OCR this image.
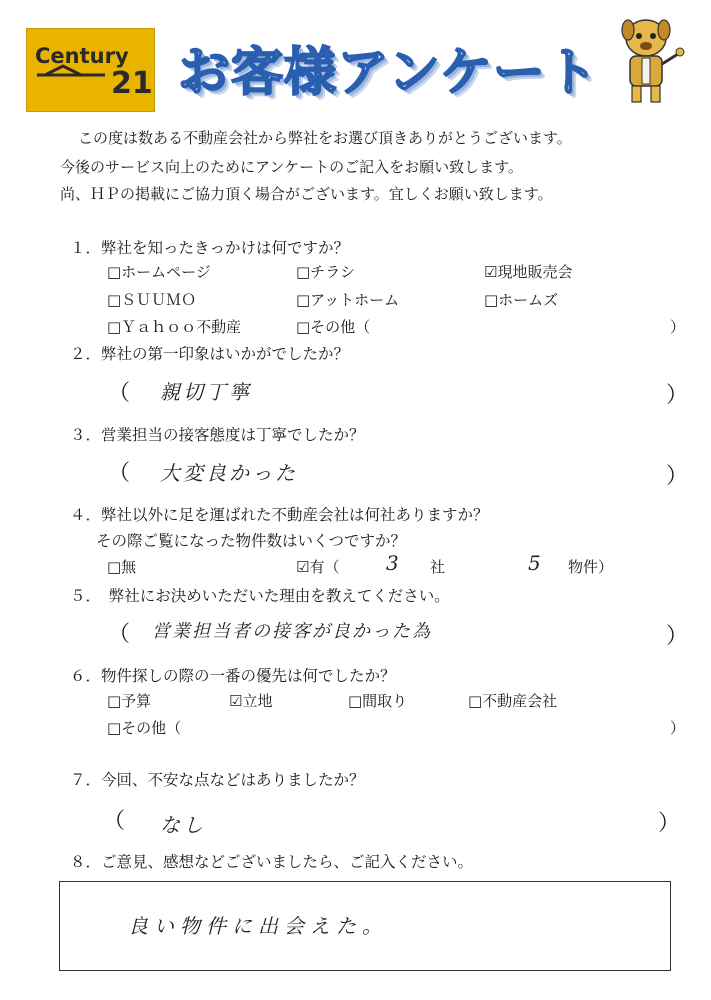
Century
21 お客様アンケート
この度は数ある不動産会社から弊社をお選び頂きありがとうございます。
今後のサービス向上のためにアンケートのご記入をお願い致します。
尚、ＨＰの掲載にご協力頂く場合がございます。宜しくお願い致します。
１．弊社を知ったきっかけは何ですか？
□ホームページ	□チラシ	☑現地販売会
□ＳＵＵＭＯ	□アットホーム	□ホームズ
□Ｙａｈｏｏ不動産	□その他（	）
２．弊社の第一印象はいかがでしたか？
（ 親切丁寧	）
３．営業担当の接客態度は丁寧でしたか？
（ 大変良かった	）
４．弊社以外に足を運ばれた不動産会社は何社ありますか？
その際ご覧になった物件数はいくつですか？
□無	☑有（ 3 社	5 物件）
５．　弊社にお決めいただいた理由を教えてください。
（ 営業担当者の接客が良かった為	）
６．物件探しの際の一番の優先は何でしたか？
□予算	☑立地	□間取り	□不動産会社
□その他（	）
７．今回、不安な点などはありましたか？
（ なし	）
８．ご意見、感想などございましたら、ご記入ください。
良い物件に出会えた。
